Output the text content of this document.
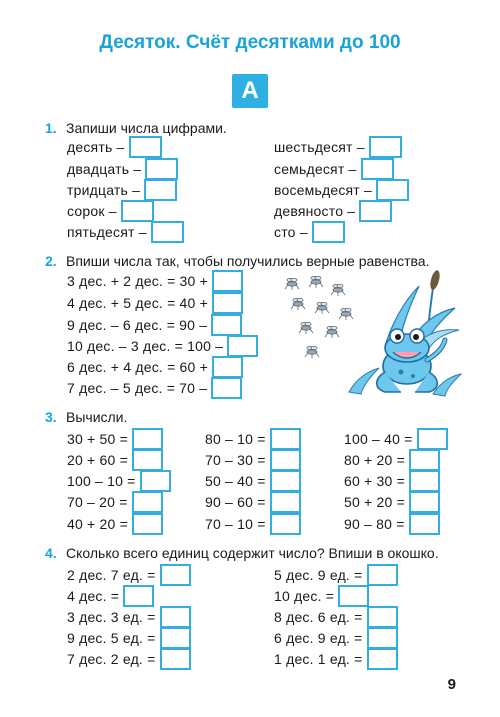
Десяток. Счёт десятками до 100
A
1. Запиши числа цифрами.
десять –
двадцать –
тридцать –
сорок –
пятьдесят –
шестьдесят –
семьдесят –
восемьдесят –
девяносто –
сто –
2. Впиши числа так, чтобы получились верные равенства.
3 дес. + 2 дес. = 30 +
4 дес. + 5 дес. = 40 +
9 дес. – 6 дес. = 90 –
10 дес. – 3 дес. = 100 –
6 дес. + 4 дес. = 60 +
7 дес. – 5 дес. = 70 –
3. Вычисли.
30 + 50 =
20 + 60 =
100 – 10 =
70 – 20 =
40 + 20 =
80 – 10 =
70 – 30 =
50 – 40 =
90 – 60 =
70 – 10 =
100 – 40 =
80 + 20 =
60 + 30 =
50 + 20 =
90 – 80 =
4. Сколько всего единиц содержит число? Впиши в окошко.
2 дес. 7 ед. =
4 дес. =
3 дес. 3 ед. =
9 дес. 5 ед. =
7 дес. 2 ед. =
5 дес. 9 ед. =
10 дес. =
8 дес. 6 ед. =
6 дес. 9 ед. =
1 дес. 1 ед. =
9
